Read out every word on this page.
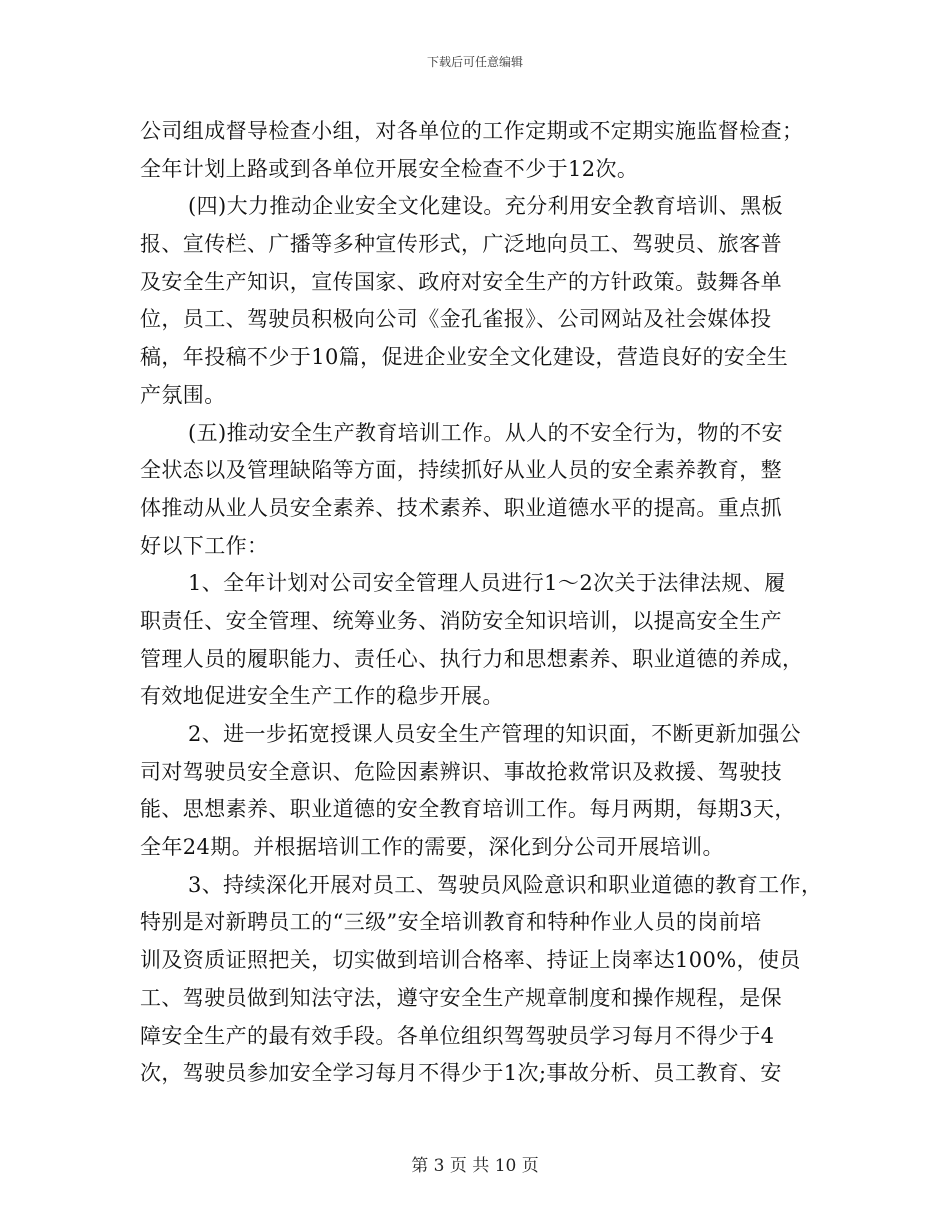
下载后可任意编辑
公司组成督导检查小组，对各单位的工作定期或不定期实施监督检查；
全年计划上路或到各单位开展安全检查不少于12次。
(四)大力推动企业安全文化建设。充分利用安全教育培训、黑板
报、宣传栏、广播等多种宣传形式，广泛地向员工、驾驶员、旅客普
及安全生产知识，宣传国家、政府对安全生产的方针政策。鼓舞各单
位，员工、驾驶员积极向公司《金孔雀报》、公司网站及社会媒体投
稿，年投稿不少于10篇，促进企业安全文化建设，营造良好的安全生
产氛围。
(五)推动安全生产教育培训工作。从人的不安全行为，物的不安
全状态以及管理缺陷等方面，持续抓好从业人员的安全素养教育，整
体推动从业人员安全素养、技术素养、职业道德水平的提高。重点抓
好以下工作：
1、全年计划对公司安全管理人员进行1～2次关于法律法规、履
职责任、安全管理、统筹业务、消防安全知识培训，以提高安全生产
管理人员的履职能力、责任心、执行力和思想素养、职业道德的养成，
有效地促进安全生产工作的稳步开展。
2、进一步拓宽授课人员安全生产管理的知识面，不断更新加强公
司对驾驶员安全意识、危险因素辨识、事故抢救常识及救援、驾驶技
能、思想素养、职业道德的安全教育培训工作。每月两期，每期3天，
全年24期。并根据培训工作的需要，深化到分公司开展培训。
3、持续深化开展对员工、驾驶员风险意识和职业道德的教育工作，
特别是对新聘员工的“三级”安全培训教育和特种作业人员的岗前培
训及资质证照把关，切实做到培训合格率、持证上岗率达100%，使员
工、驾驶员做到知法守法，遵守安全生产规章制度和操作规程，是保
障安全生产的最有效手段。各单位组织驾驾驶员学习每月不得少于4
次，驾驶员参加安全学习每月不得少于1次;事故分析、员工教育、安
第 3 页 共 10 页
